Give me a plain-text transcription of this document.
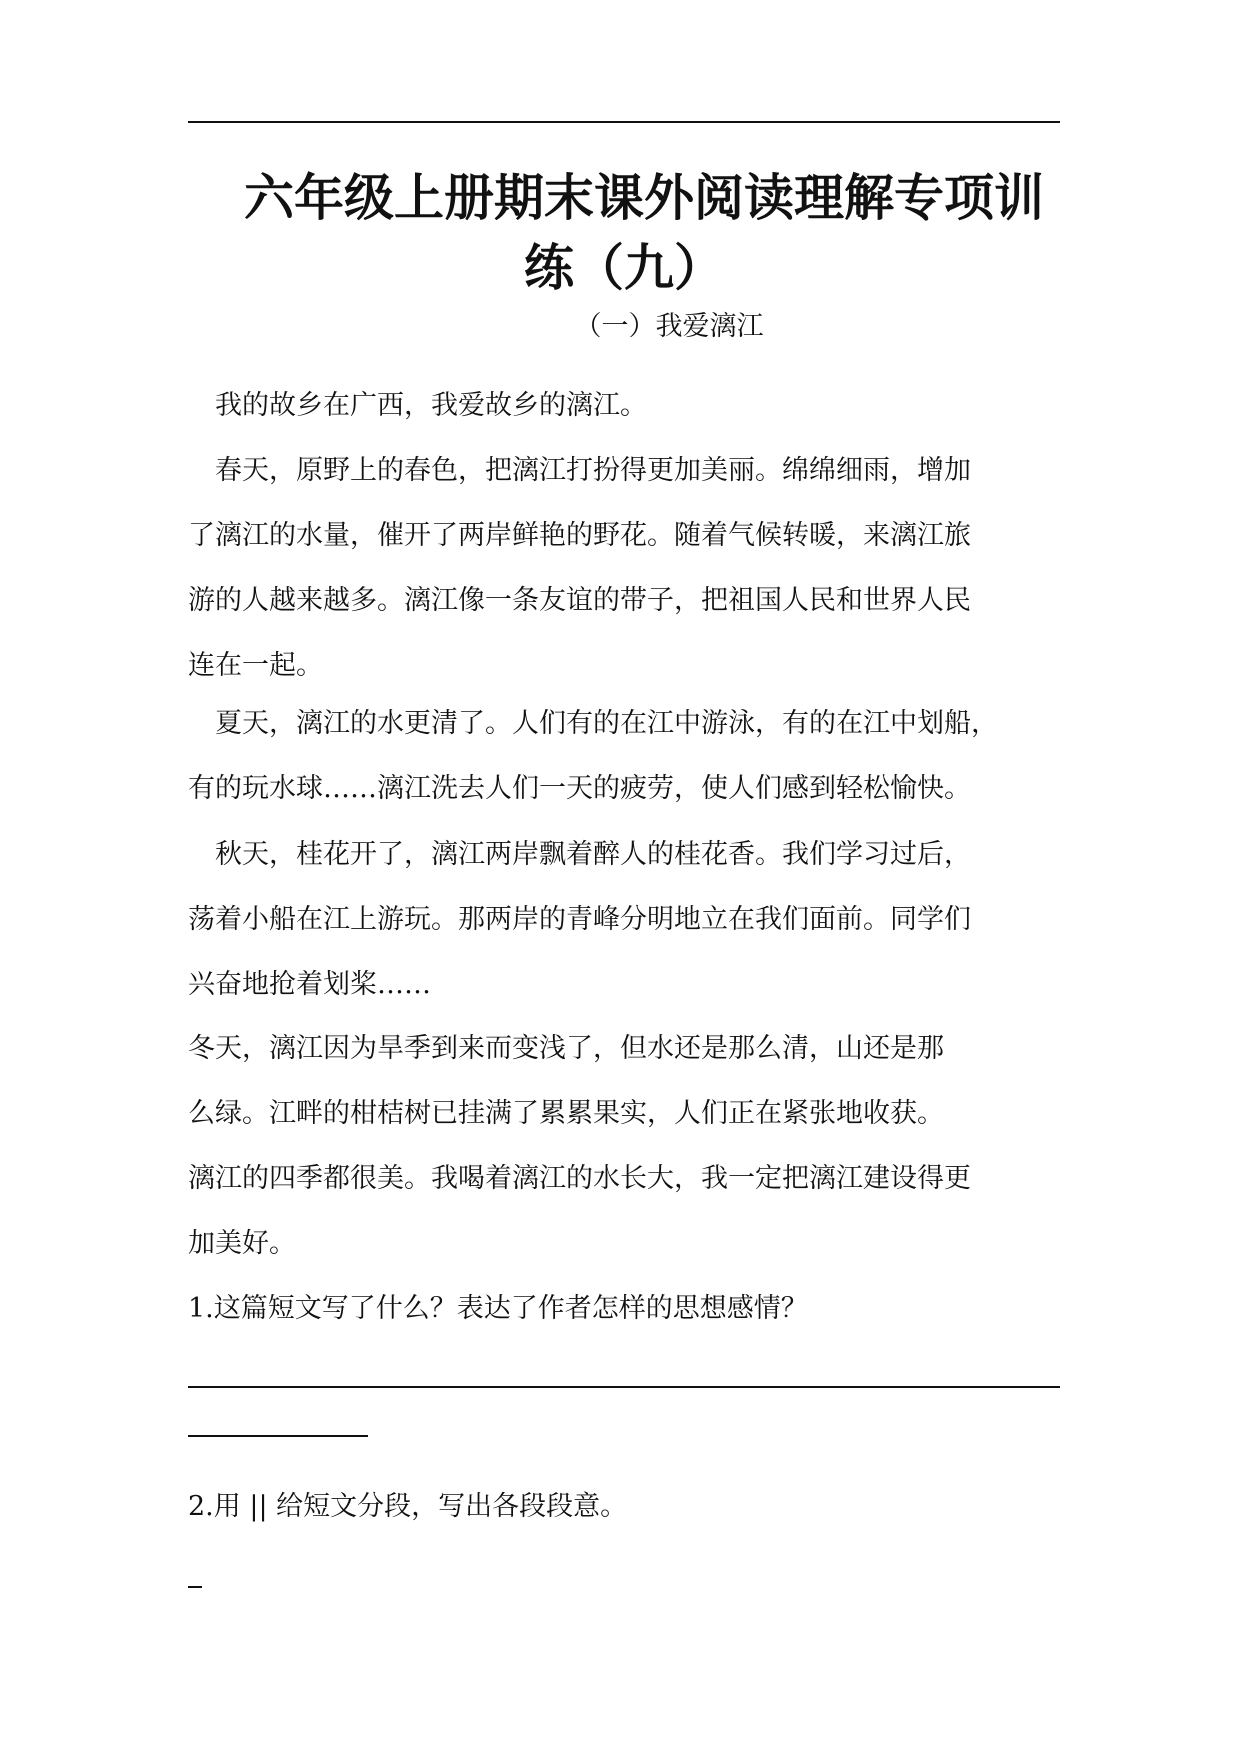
六年级上册期末课外阅读理解专项训
练（九）
（一）我爱漓江

　我的故乡在广西，我爱故乡的漓江。

　春天，原野上的春色，把漓江打扮得更加美丽。绵绵细雨，增加
了漓江的水量，催开了两岸鲜艳的野花。随着气候转暖，来漓江旅
游的人越来越多。漓江像一条友谊的带子，把祖国人民和世界人民
连在一起。

　夏天，漓江的水更清了。人们有的在江中游泳，有的在江中划船，
有的玩水球……漓江洗去人们一天的疲劳，使人们感到轻松愉快。

　秋天，桂花开了，漓江两岸飘着醉人的桂花香。我们学习过后，
荡着小船在江上游玩。那两岸的青峰分明地立在我们面前。同学们
兴奋地抢着划桨……

冬天，漓江因为旱季到来而变浅了，但水还是那么清，山还是那
么绿。江畔的柑桔树已挂满了累累果实，人们正在紧张地收获。

漓江的四季都很美。我喝着漓江的水长大，我一定把漓江建设得更
加美好。

1.这篇短文写了什么？表达了作者怎样的思想感情？

2.用 || 给短文分段，写出各段段意。
